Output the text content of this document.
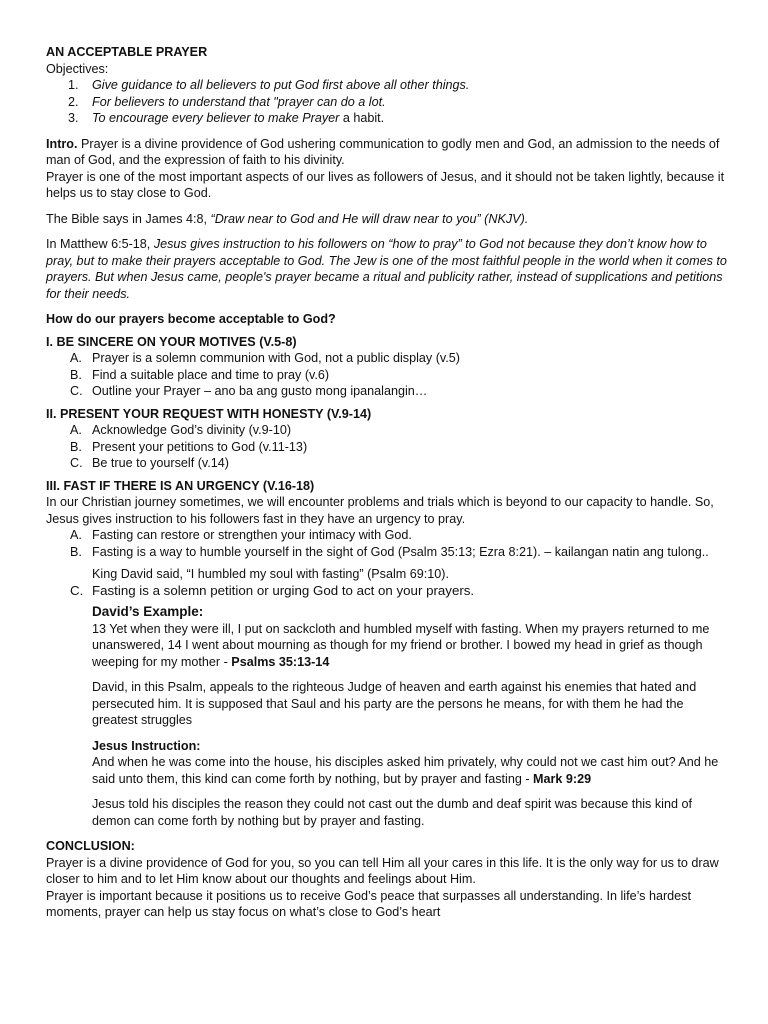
AN ACCEPTABLE PRAYER

Objectives:

1.	Give guidance to all believers to put God first above all other things.
2.	For believers to understand that "prayer can do a lot.
3.	To encourage every believer to make Prayer a habit.

Intro. Prayer is a divine providence of God ushering communication to godly men and God, an admission to the needs of man of God, and the expression of faith to his divinity.

Prayer is one of the most important aspects of our lives as followers of Jesus, and it should not be taken lightly, because it helps us to stay close to God.

The Bible says in James 4:8, “Draw near to God and He will draw near to you” (NKJV).

In Matthew 6:5-18, Jesus gives instruction to his followers on “how to pray” to God not because they don’t know how to pray, but to make their prayers acceptable to God. The Jew is one of the most faithful people in the world when it comes to prayers. But when Jesus came, people's prayer became a ritual and publicity rather, instead of supplications and petitions for their needs.

How do our prayers become acceptable to God?

I. BE SINCERE ON YOUR MOTIVES (V.5-8)

A. Prayer is a solemn communion with God, not a public display (v.5)
B. Find a suitable place and time to pray (v.6)
C. Outline your Prayer – ano ba ang gusto mong ipanalangin…

II. PRESENT YOUR REQUEST WITH HONESTY (V.9-14)

A. Acknowledge God’s divinity (v.9-10)
B. Present your petitions to God (v.11-13)
C. Be true to yourself (v.14)

III. FAST IF THERE IS AN URGENCY (V.16-18)

In our Christian journey sometimes, we will encounter problems and trials which is beyond to our capacity to handle. So, Jesus gives instruction to his followers fast in they have an urgency to pray.

A. Fasting can restore or strengthen your intimacy with God.
B. Fasting is a way to humble yourself in the sight of God (Psalm 35:13; Ezra 8:21). – kailangan natin ang tulong..

King David said, “I humbled my soul with fasting” (Psalm 69:10).

C. Fasting is a solemn petition or urging God to act on your prayers.

David’s Example:

13 Yet when they were ill, I put on sackcloth and humbled myself with fasting. When my prayers returned to me unanswered, 14 I went about mourning as though for my friend or brother. I bowed my head in grief as though weeping for my mother - Psalms 35:13-14

David, in this Psalm, appeals to the righteous Judge of heaven and earth against his enemies that hated and persecuted him. It is supposed that Saul and his party are the persons he means, for with them he had the greatest struggles

Jesus Instruction:

And when he was come into the house, his disciples asked him privately, why could not we cast him out? And he said unto them, this kind can come forth by nothing, but by prayer and fasting - Mark 9:29

Jesus told his disciples the reason they could not cast out the dumb and deaf spirit was because this kind of demon can come forth by nothing but by prayer and fasting.

CONCLUSION:

Prayer is a divine providence of God for you, so you can tell Him all your cares in this life. It is the only way for us to draw closer to him and to let Him know about our thoughts and feelings about Him.

Prayer is important because it positions us to receive God’s peace that surpasses all understanding. In life’s hardest moments, prayer can help us stay focus on what’s close to God’s heart
